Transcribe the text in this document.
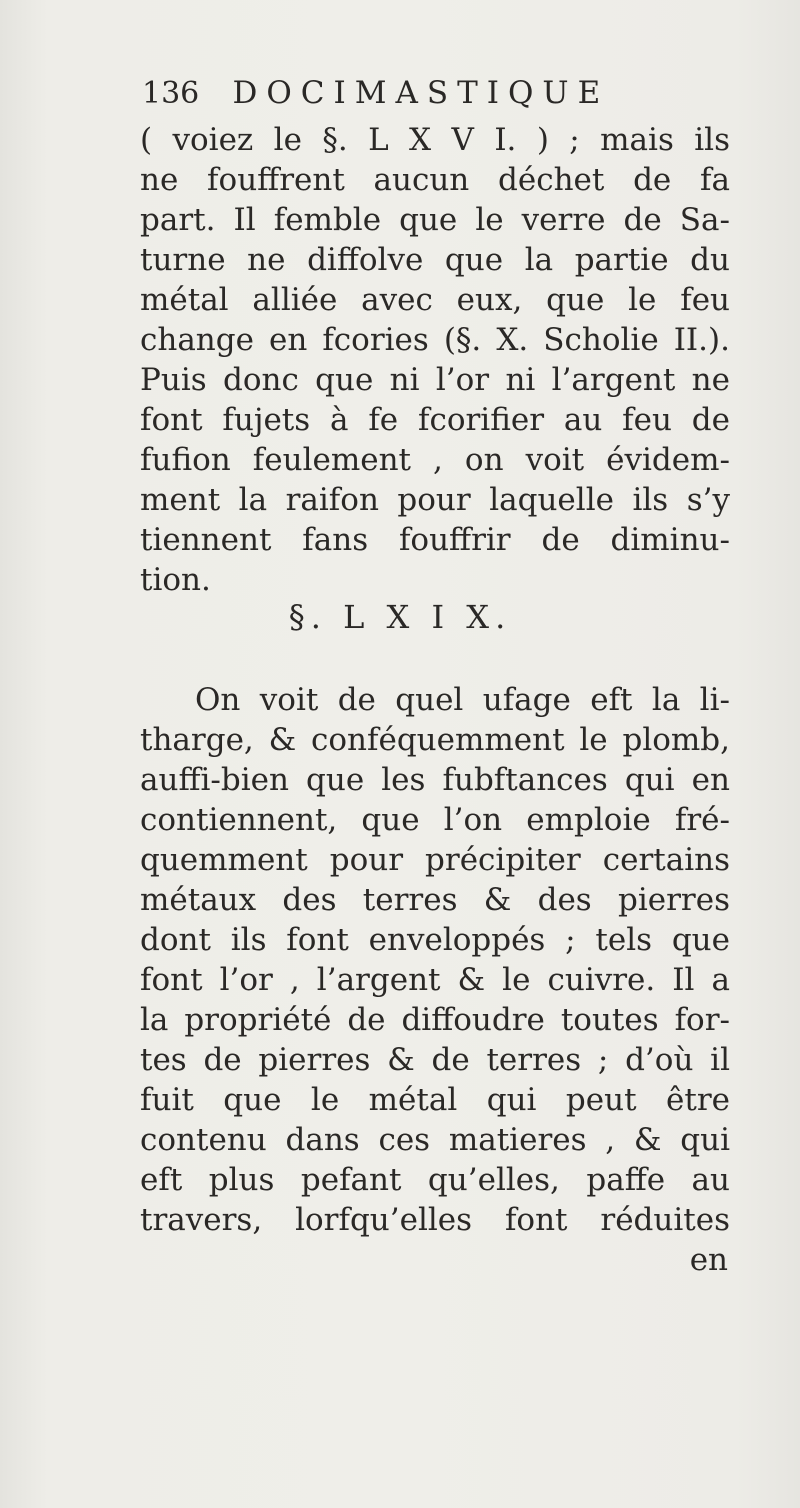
136 DOCIMASTIQUE
( voiez le §. L X V I. ) ; mais ils
ne fouffrent aucun déchet de fa
part. Il femble que le verre de Sa-
turne ne diffolve que la partie du
métal alliée avec eux, que le feu
change en fcories (§. X. Scholie II.).
Puis donc que ni l’or ni l’argent ne
font fujets à fe fcorifier au feu de
fufion feulement , on voit évidem-
ment la raifon pour laquelle ils s’y
tiennent fans fouffrir de diminu-
tion.
§. L X I X.
On voit de quel ufage eft la li-
tharge, & conféquemment le plomb,
auffi-bien que les fubftances qui en
contiennent, que l’on emploie fré-
quemment pour précipiter certains
métaux des terres & des pierres
dont ils font enveloppés ; tels que
font l’or , l’argent & le cuivre. Il a
la propriété de diffoudre toutes for-
tes de pierres & de terres ; d’où il
fuit que le métal qui peut être
contenu dans ces matieres , & qui
eft plus pefant qu’elles, paffe au
travers, lorfqu’elles font réduites
en
